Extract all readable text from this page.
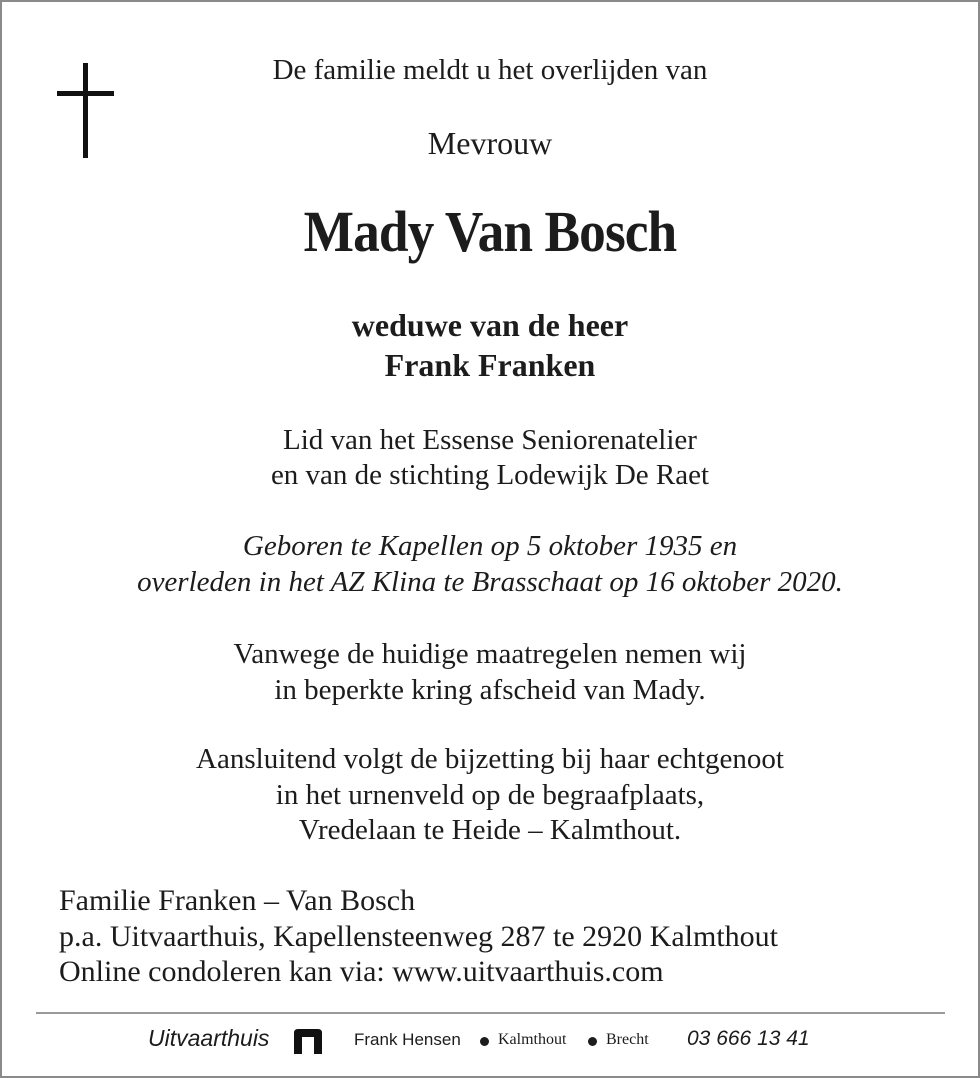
De familie meldt u het overlijden van
Mevrouw
Mady Van Bosch
weduwe van de heer
Frank Franken
Lid van het Essense Seniorenatelier
en van de stichting Lodewijk De Raet
Geboren te Kapellen op 5 oktober 1935 en
overleden in het AZ Klina te Brasschaat op 16 oktober 2020.
Vanwege de huidige maatregelen nemen wij
in beperkte kring afscheid van Mady.
Aansluitend volgt de bijzetting bij haar echtgenoot
in het urnenveld op de begraafplaats,
Vredelaan te Heide – Kalmthout.
Familie Franken – Van Bosch
p.a. Uitvaarthuis, Kapellensteenweg 287 te 2920 Kalmthout
Online condoleren kan via: www.uitvaarthuis.com
Uitvaarthuis	Frank Hensen Kalmthout Brecht 03 666 13 41
